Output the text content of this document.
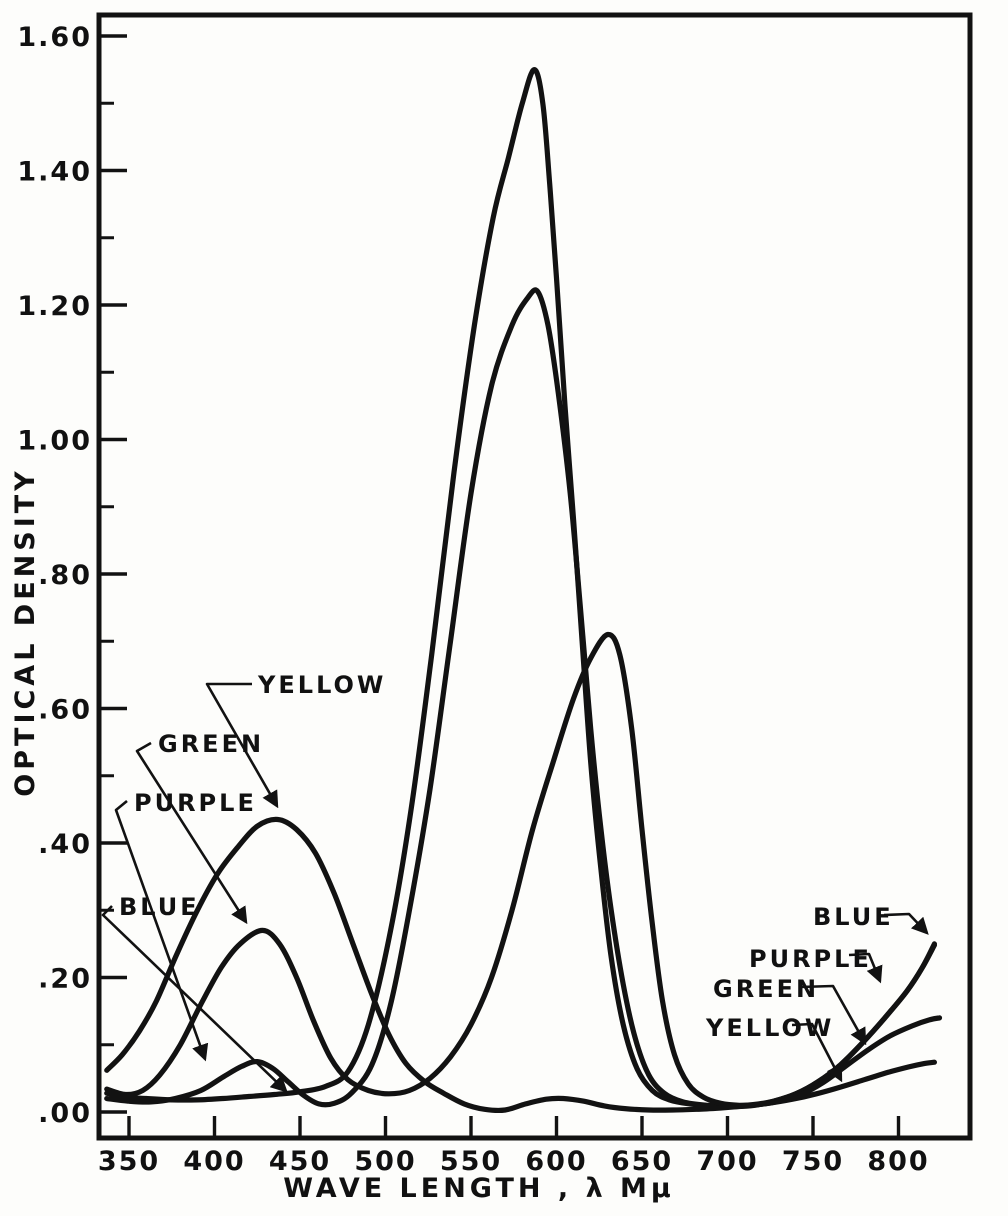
.00
.20
.40
.60
.80
1.00
1.20
1.40
1.60
350 400 450 500 550 600 650 700 750 800
WAVE LENGTH , λ Mμ
OPTICAL DENSITY	YELLOW
GREEN
PURPLE
BLUE	BLUE
PURPLE
GREEN
YELLOW
